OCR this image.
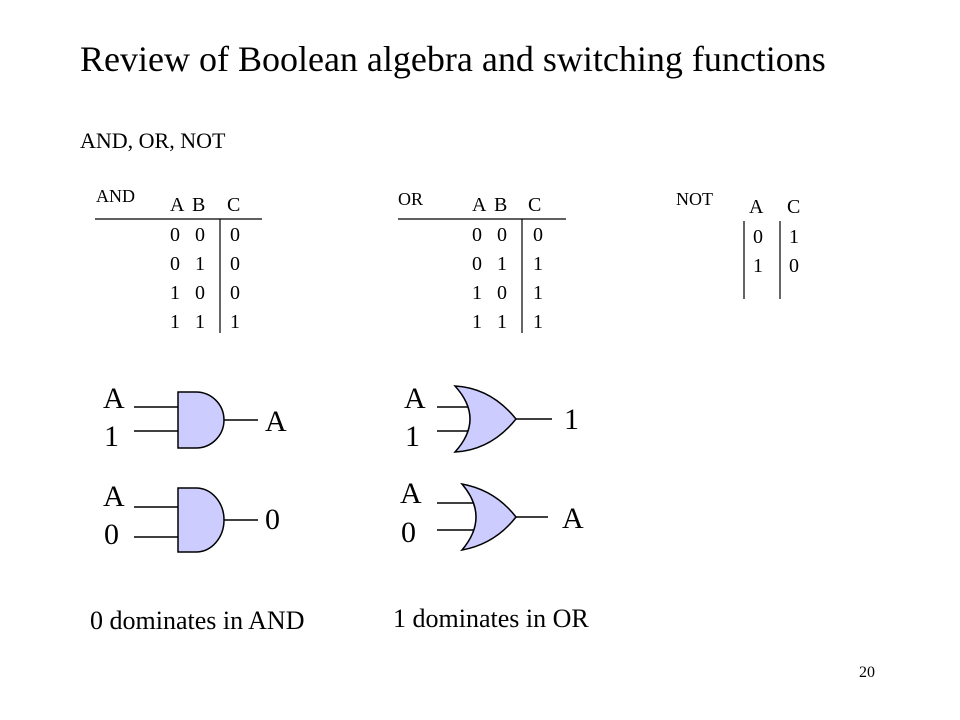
Review of Boolean algebra and switching functions
AND, OR, NOT
AND A B C
0 0 0
0 1 0
1 0 0
1 1 1
OR A B C
0 0 0
0 1 1
1 0 1
1 1 1
NOT A C
0 1
1 0
A
1	A
A
0	0
A
1
1
A
0	A
0 dominates in AND	1 dominates in OR
20
